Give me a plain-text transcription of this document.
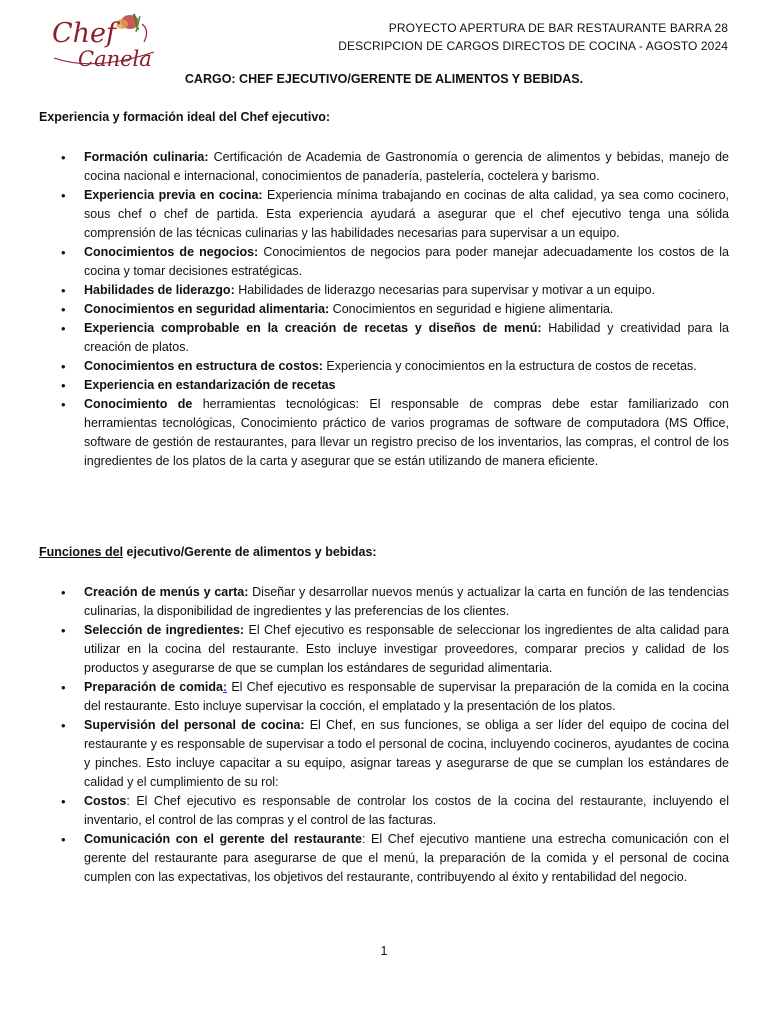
Chef
Canela
PROYECTO APERTURA DE BAR RESTAURANTE BARRA 28
DESCRIPCION DE CARGOS DIRECTOS DE COCINA - AGOSTO 2024
CARGO: CHEF EJECUTIVO/GERENTE DE ALIMENTOS Y BEBIDAS.
Experiencia y formación ideal del Chef ejecutivo:
• Formación culinaria: Certificación de Academia de Gastronomía o gerencia de alimentos y bebidas, manejo de cocina nacional e internacional, conocimientos de panadería, pastelería, coctelera y barismo.
• Experiencia previa en cocina: Experiencia mínima trabajando en cocinas de alta calidad, ya sea como cocinero, sous chef o chef de partida. Esta experiencia ayudará a asegurar que el chef ejecutivo tenga una sólida comprensión de las técnicas culinarias y las habilidades necesarias para supervisar a un equipo.
• Conocimientos de negocios: Conocimientos de negocios para poder manejar adecuadamente los costos de la cocina y tomar decisiones estratégicas.
• Habilidades de liderazgo: Habilidades de liderazgo necesarias para supervisar y motivar a un equipo.
• Conocimientos en seguridad alimentaria: Conocimientos en seguridad e higiene alimentaria.
• Experiencia comprobable en la creación de recetas y diseños de menú: Habilidad y creatividad para la creación de platos.
• Conocimientos en estructura de costos: Experiencia y conocimientos en la estructura de costos de recetas.
• Experiencia en estandarización de recetas
• Conocimiento de herramientas tecnológicas: El responsable de compras debe estar familiarizado con herramientas tecnológicas, Conocimiento práctico de varios programas de software de computadora (MS Office, software de gestión de restaurantes, para llevar un registro preciso de los inventarios, las compras, el control de los ingredientes de los platos de la carta y asegurar que se están utilizando de manera eficiente.
Funciones del ejecutivo/Gerente de alimentos y bebidas:
• Creación de menús y carta: Diseñar y desarrollar nuevos menús y actualizar la carta en función de las tendencias culinarias, la disponibilidad de ingredientes y las preferencias de los clientes.
• Selección de ingredientes: El Chef ejecutivo es responsable de seleccionar los ingredientes de alta calidad para utilizar en la cocina del restaurante. Esto incluye investigar proveedores, comparar precios y calidad de los productos y asegurarse de que se cumplan los estándares de seguridad alimentaria.
• Preparación de comida: El Chef ejecutivo es responsable de supervisar la preparación de la comida en la cocina del restaurante. Esto incluye supervisar la cocción, el emplatado y la presentación de los platos.
• Supervisión del personal de cocina: El Chef, en sus funciones, se obliga a ser líder del equipo de cocina del restaurante y es responsable de supervisar a todo el personal de cocina, incluyendo cocineros, ayudantes de cocina y pinches. Esto incluye capacitar a su equipo, asignar tareas y asegurarse de que se cumplan los estándares de calidad y el cumplimiento de su rol:
• Costos: El Chef ejecutivo es responsable de controlar los costos de la cocina del restaurante, incluyendo el inventario, el control de las compras y el control de las facturas.
• Comunicación con el gerente del restaurante: El Chef ejecutivo mantiene una estrecha comunicación con el gerente del restaurante para asegurarse de que el menú, la preparación de la comida y el personal de cocina cumplen con las expectativas, los objetivos del restaurante, contribuyendo al éxito y rentabilidad del negocio.
1
